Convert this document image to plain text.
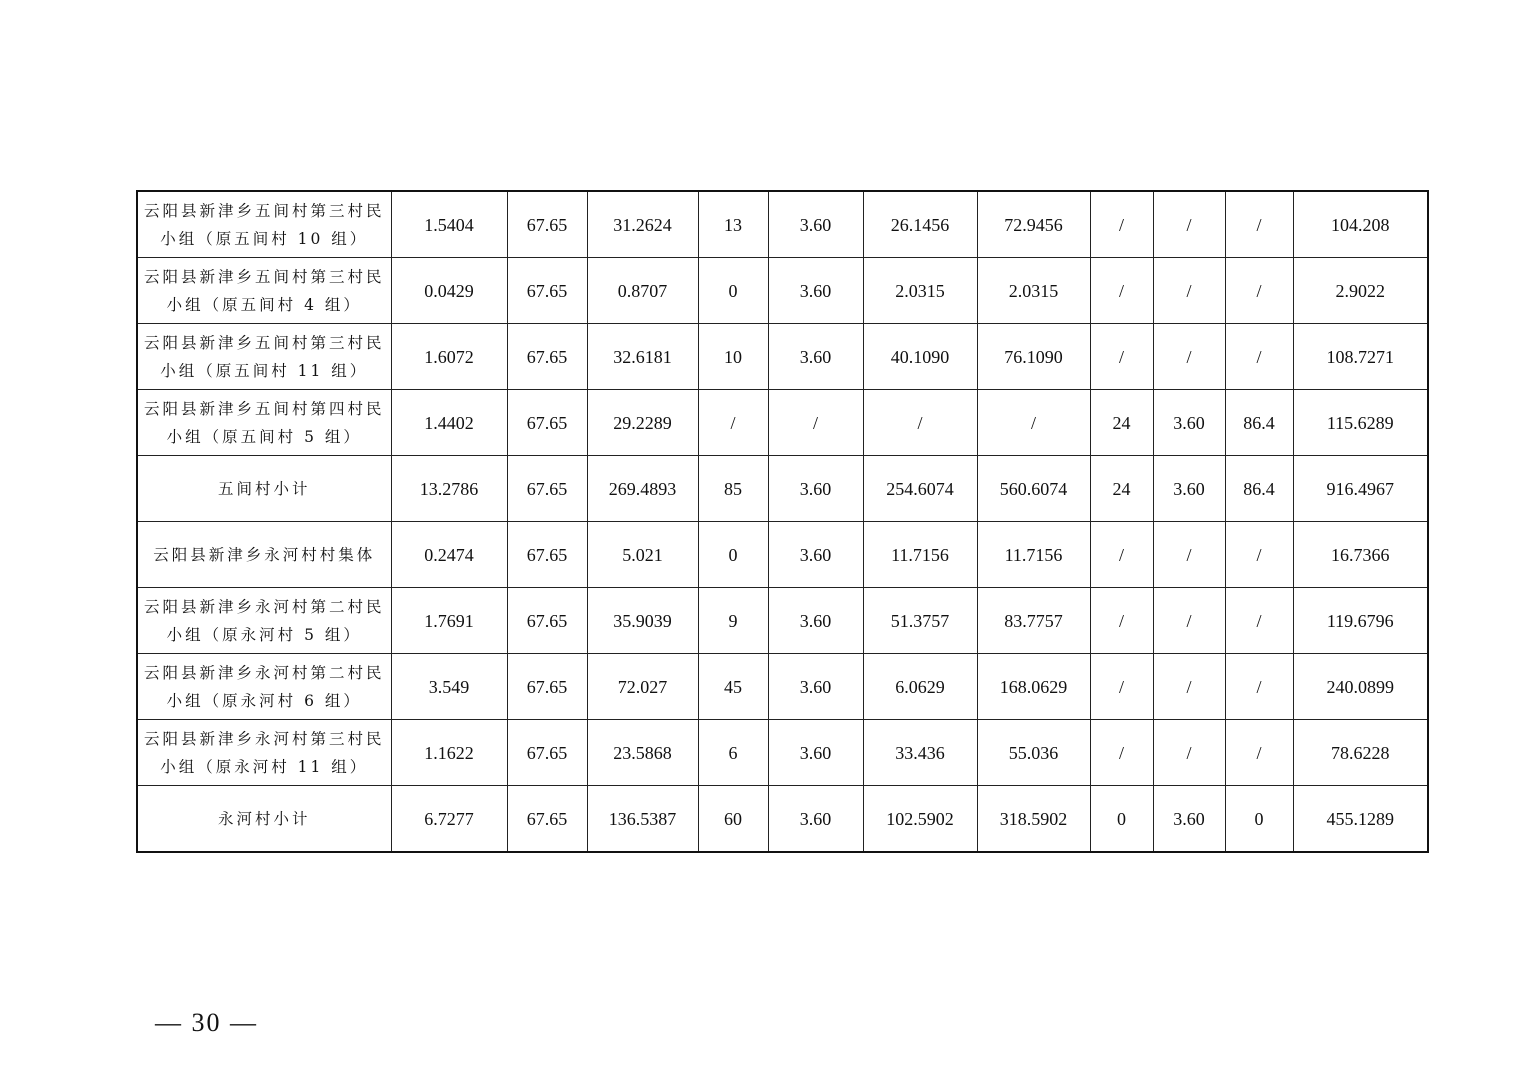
云阳县新津乡五间村第三村民小组（原五间村 10 组）	1.5404	67.65	31.2624	13	3.60	26.1456	72.9456	/	/	/	104.208
云阳县新津乡五间村第三村民小组（原五间村 4 组）	0.0429	67.65	0.8707	0	3.60	2.0315	2.0315	/	/	/	2.9022
云阳县新津乡五间村第三村民小组（原五间村 11 组）	1.6072	67.65	32.6181	10	3.60	40.1090	76.1090	/	/	/	108.7271
云阳县新津乡五间村第四村民小组（原五间村 5 组）	1.4402	67.65	29.2289	/	/	/	/	24	3.60	86.4	115.6289
五间村小计	13.2786	67.65	269.4893	85	3.60	254.6074	560.6074	24	3.60	86.4	916.4967
云阳县新津乡永河村村集体	0.2474	67.65	5.021	0	3.60	11.7156	11.7156	/	/	/	16.7366
云阳县新津乡永河村第二村民小组（原永河村 5 组）	1.7691	67.65	35.9039	9	3.60	51.3757	83.7757	/	/	/	119.6796
云阳县新津乡永河村第二村民小组（原永河村 6 组）	3.549	67.65	72.027	45	3.60	6.0629	168.0629	/	/	/	240.0899
云阳县新津乡永河村第三村民小组（原永河村 11 组）	1.1622	67.65	23.5868	6	3.60	33.436	55.036	/	/	/	78.6228
永河村小计	6.7277	67.65	136.5387	60	3.60	102.5902	318.5902	0	3.60	0	455.1289
— 30 —
